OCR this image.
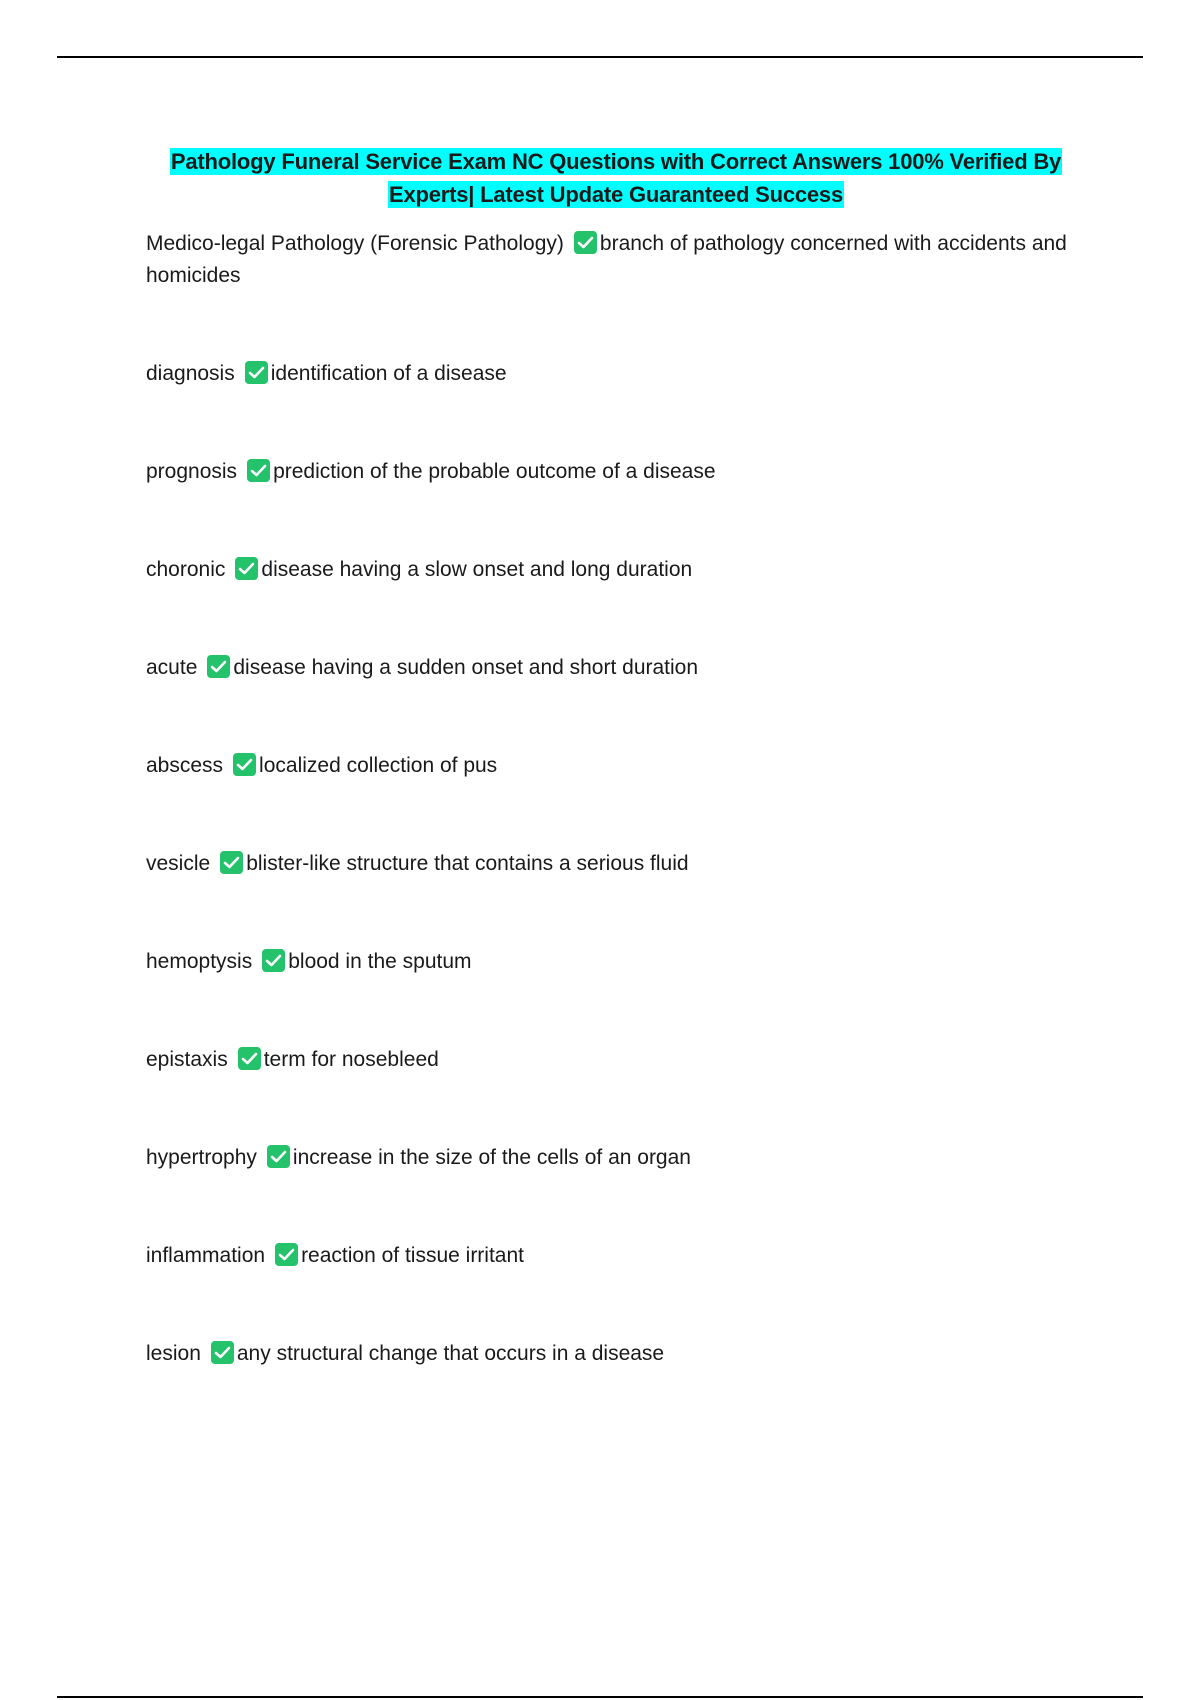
Pathology Funeral Service Exam NC Questions with Correct Answers 100% Verified By
Experts| Latest Update Guaranteed Success

Medico-legal Pathology (Forensic Pathology) branch of pathology concerned with accidents and homicides

diagnosis identification of a disease

prognosis prediction of the probable outcome of a disease

choronic disease having a slow onset and long duration

acute disease having a sudden onset and short duration

abscess localized collection of pus

vesicle blister-like structure that contains a serious fluid

hemoptysis blood in the sputum

epistaxis term for nosebleed

hypertrophy increase in the size of the cells of an organ

inflammation reaction of tissue irritant

lesion any structural change that occurs in a disease
